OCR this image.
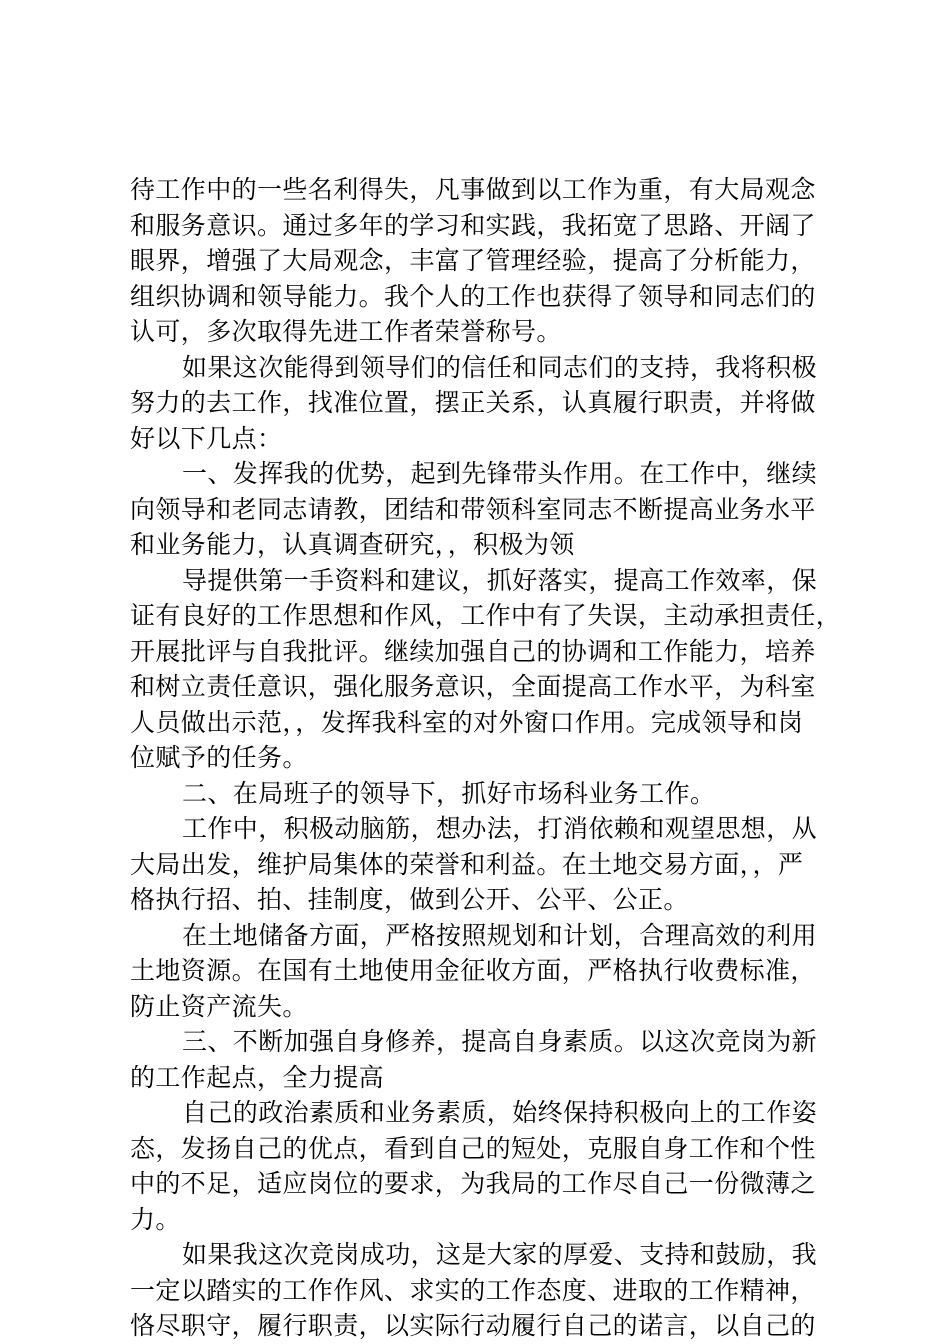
待工作中的一些名利得失，凡事做到以工作为重，有大局观念
和服务意识。通过多年的学习和实践，我拓宽了思路、开阔了
眼界，增强了大局观念，丰富了管理经验，提高了分析能力，
组织协调和领导能力。我个人的工作也获得了领导和同志们的
认可，多次取得先进工作者荣誉称号。
如果这次能得到领导们的信任和同志们的支持，我将积极
努力的去工作，找准位置，摆正关系，认真履行职责，并将做
好以下几点：
一、发挥我的优势，起到先锋带头作用。在工作中，继续
向领导和老同志请教，团结和带领科室同志不断提高业务水平
和业务能力，认真调查研究，，积极为领
导提供第一手资料和建议，抓好落实，提高工作效率，保
证有良好的工作思想和作风，工作中有了失误，主动承担责任，
开展批评与自我批评。继续加强自己的协调和工作能力，培养
和树立责任意识，强化服务意识，全面提高工作水平，为科室
人员做出示范，，发挥我科室的对外窗口作用。完成领导和岗
位赋予的任务。
二、在局班子的领导下，抓好市场科业务工作。
工作中，积极动脑筋，想办法，打消依赖和观望思想，从
大局出发，维护局集体的荣誉和利益。在土地交易方面，，严
格执行招、拍、挂制度，做到公开、公平、公正。
在土地储备方面，严格按照规划和计划，合理高效的利用
土地资源。在国有土地使用金征收方面，严格执行收费标准，
防止资产流失。
三、不断加强自身修养，提高自身素质。以这次竞岗为新
的工作起点，全力提高
自己的政治素质和业务素质，始终保持积极向上的工作姿
态，发扬自己的优点，看到自己的短处，克服自身工作和个性
中的不足，适应岗位的要求，为我局的工作尽自己一份微薄之
力。
如果我这次竞岗成功，这是大家的厚爱、支持和鼓励，我
一定以踏实的工作作风、求实的工作态度、进取的工作精神，
恪尽职守，履行职责，以实际行动履行自己的诺言，以自己的
